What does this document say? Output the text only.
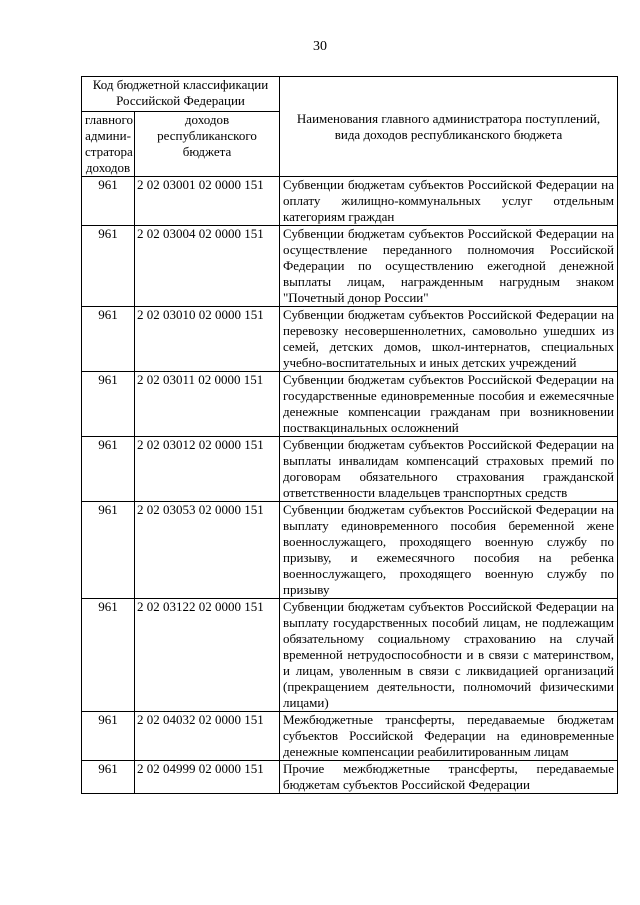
30
Код бюджетной классификации Российской Федерации		Наименования главного администратора поступлений, вида доходов республиканского бюджета
главного админи-стратора доходов	доходов республиканского бюджета	
961	2 02 03001 02 0000 151	Субвенции бюджетам субъектов Российской Федерации на оплату жилищно-коммунальных услуг отдельным категориям граждан
961	2 02 03004 02 0000 151	Субвенции бюджетам субъектов Российской Федерации на осуществление переданного полномочия Российской Федерации по осуществлению ежегодной денежной выплаты лицам, награжденным нагрудным знаком "Почетный донор России"
961	2 02 03010 02 0000 151	Субвенции бюджетам субъектов Российской Федерации на перевозку несовершеннолетних, самовольно ушедших из семей, детских домов, школ-интернатов, специальных учебно-воспитательных и иных детских учреждений
961	2 02 03011 02 0000 151	Субвенции бюджетам субъектов Российской Федерации на государственные единовременные пособия и ежемесячные денежные компенсации гражданам при возникновении поствакцинальных осложнений
961	2 02 03012 02 0000 151	Субвенции бюджетам субъектов Российской Федерации на выплаты инвалидам компенсаций страховых премий по договорам обязательного страхования гражданской ответственности владельцев транспортных средств
961	2 02 03053 02 0000 151	Субвенции бюджетам субъектов Российской Федерации на выплату единовременного пособия беременной жене военнослужащего, проходящего военную службу по призыву, и ежемесячного пособия на ребенка военнослужащего, проходящего военную службу по призыву
961	2 02 03122 02 0000 151	Субвенции бюджетам субъектов Российской Федерации на выплату государственных пособий лицам, не подлежащим обязательному социальному страхованию на случай временной нетрудоспособности и в связи с материнством, и лицам, уволенным в связи с ликвидацией организаций (прекращением деятельности, полномочий физическими лицами)
961	2 02 04032 02 0000 151	Межбюджетные трансферты, передаваемые бюджетам субъектов Российской Федерации на единовременные денежные компенсации реабилитированным лицам
961	2 02 04999 02 0000 151	Прочие межбюджетные трансферты, передаваемые бюджетам субъектов Российской Федерации
